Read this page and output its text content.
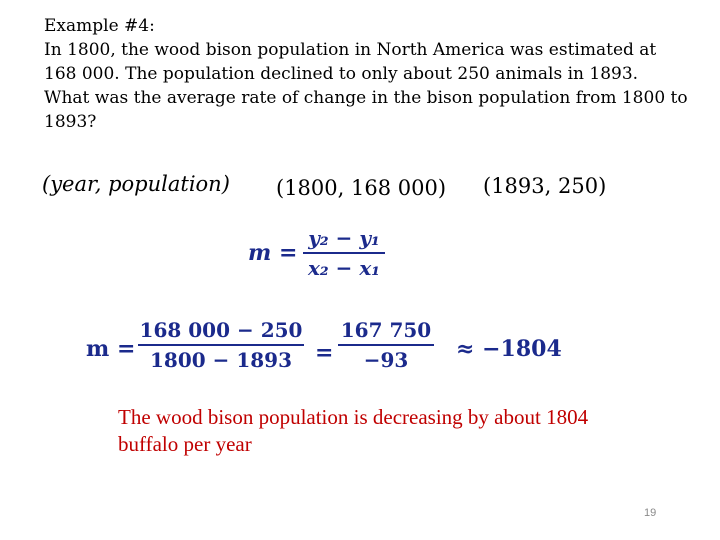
Example #4:
In 1800, the wood bison population in North America was estimated at
168 000. The population declined to only about 250 animals in 1893.
What was the average rate of change in the bison population from 1800 to
1893?
(year, population) (1800, 168 000) (1893, 250)
m =
y₂ − y₁
x₂ − x₁
m =
168 000 − 250
1800 − 1893	=
167 750
−93	≈ −1804
The wood bison population is decreasing by about 1804 buffalo per year
19
